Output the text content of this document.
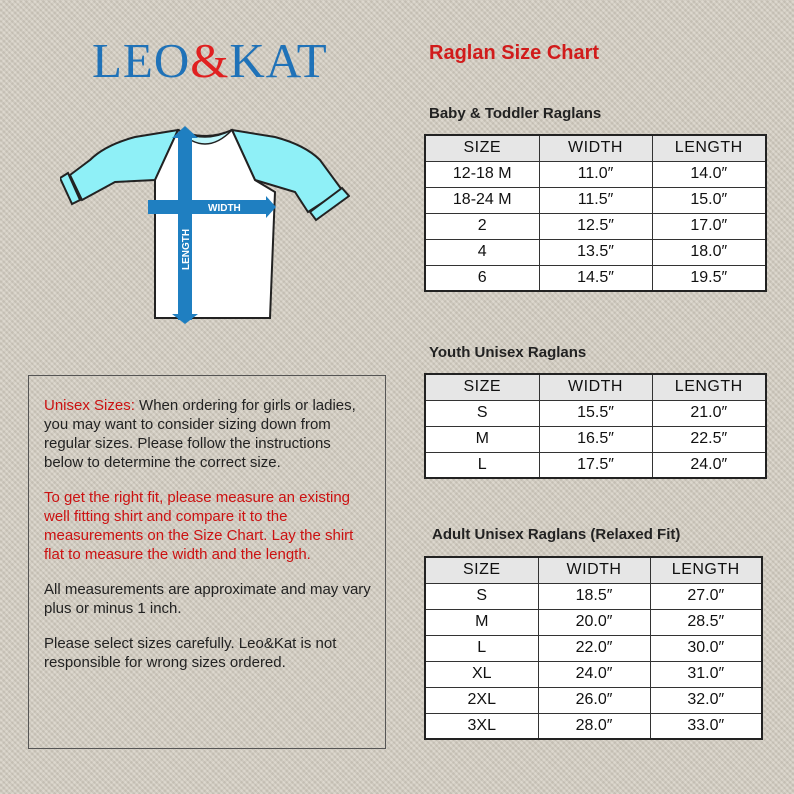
LEO&KAT
WIDTH
LENGTH
Raglan Size Chart
Baby & Toddler Raglans
SIZE	WIDTH	LENGTH
12-18 M	11.0″	14.0″
18-24 M	11.5″	15.0″
2	12.5″	17.0″
4	13.5″	18.0″
6	14.5″	19.5″
Youth Unisex Raglans
SIZE	WIDTH	LENGTH
S	15.5″	21.0″
M	16.5″	22.5″
L	17.5″	24.0″
Adult Unisex Raglans (Relaxed Fit)
SIZE	WIDTH	LENGTH
S	18.5″	27.0″
M	20.0″	28.5″
L	22.0″	30.0″
XL	24.0″	31.0″
2XL	26.0″	32.0″
3XL	28.0″	33.0″

Unisex Sizes: When ordering for girls or ladies, you may want to consider sizing down from regular sizes. Please follow the instructions below to determine the correct size.

To get the right fit, please measure an existing well fitting shirt and compare it to the measurements on the Size Chart. Lay the shirt flat to measure the width and the length.

All measurements are approximate and may vary plus or minus 1 inch.

Please select sizes carefully. Leo&Kat is not responsible for wrong sizes ordered.
